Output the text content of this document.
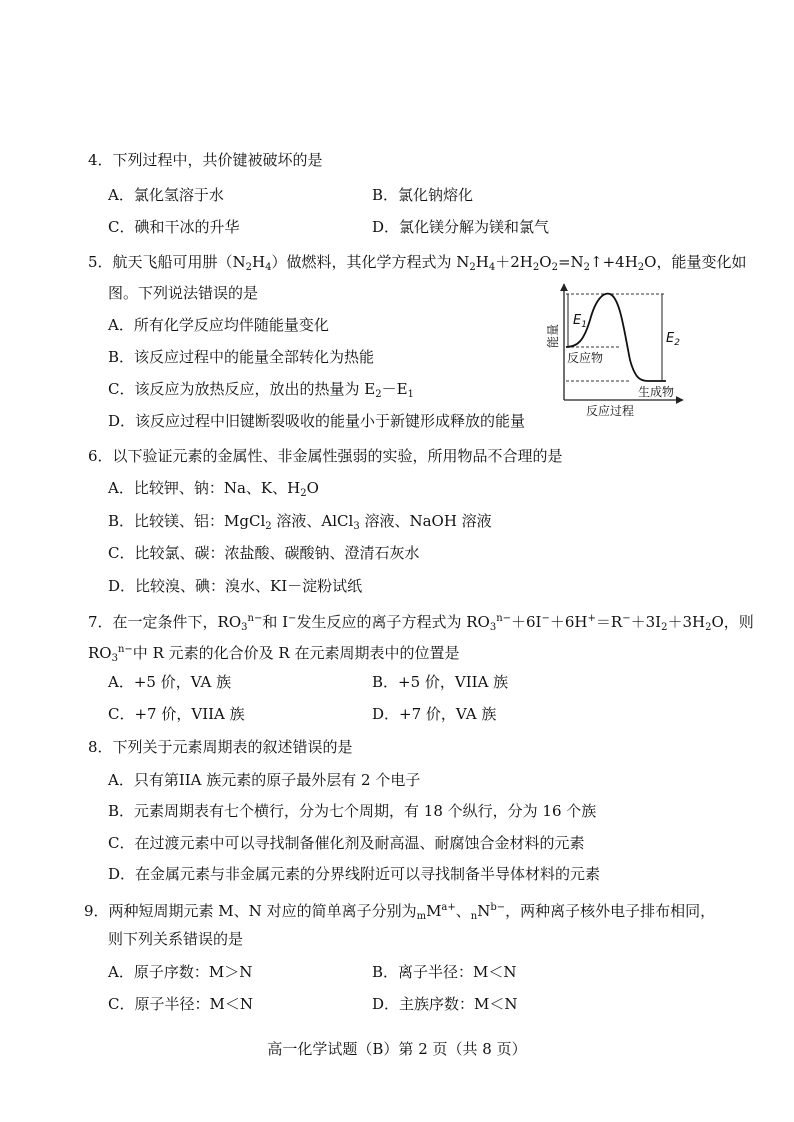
4．下列过程中，共价键被破坏的是
A．氯化氢溶于水	B．氯化钠熔化
C．碘和干冰的升华	D．氯化镁分解为镁和氯气
5．航天飞船可用肼$(N_2H_4)$做燃料，其化学方程式为 $N_2H_4+2H_2O_2=N_2↑+4H_2O$，能量变化如
图。下列说法错误的是
A．所有化学反应均伴随能量变化
B．该反应过程中的能量全部转化为热能
C．该反应为放热反应，放出的热量为 $E_2-E_1$
D．该反应过程中旧键断裂吸收的能量小于新键形成释放的能量
$E_1$
$E_2$
反应物
生成物
反应过程
能量
6．以下验证元素的金属性、非金属性强弱的实验，所用物品不合理的是
A．比较钾、钠：Na、K、$H_2O$
B．比较镁、铝：MgCl$_2$ 溶液、AlCl$_3$ 溶液、NaOH 溶液
C．比较氯、碳：浓盐酸、碳酸钠、澄清石灰水
D．比较溴、碘：溴水、KI－淀粉试纸
7．在一定条件下，$RO_3^{n-}$和 I−发生反应的离子方程式为 $RO_3^{n-}+6I^-+6H^+=R^-+3I_2+3H_2O$，则
$RO_3^{n-}$中 R 元素的化合价及 R 在元素周期表中的位置是
A．+5 价，VA 族	B．+5 价，VIIA 族
C．+7 价，VIIA 族	D．+7 价，VA 族
8．下列关于元素周期表的叙述错误的是
A．只有第IIA 族元素的原子最外层有 2 个电子
B．元素周期表有七个横行，分为七个周期，有 18 个纵行，分为 16 个族
C．在过渡元素中可以寻找制备催化剂及耐高温、耐腐蚀合金材料的元素
D．在金属元素与非金属元素的分界线附近可以寻找制备半导体材料的元素
9．两种短周期元素 M、N 对应的简单离子分别为$_mM^{a+}$、$_nN^{b-}$，两种离子核外电子排布相同，
则下列关系错误的是
A．原子序数：M＞N	B．离子半径：M＜N
C．原子半径：M＜N	D．主族序数：M＜N
高一化学试题（B）第 2 页（共 8 页）
